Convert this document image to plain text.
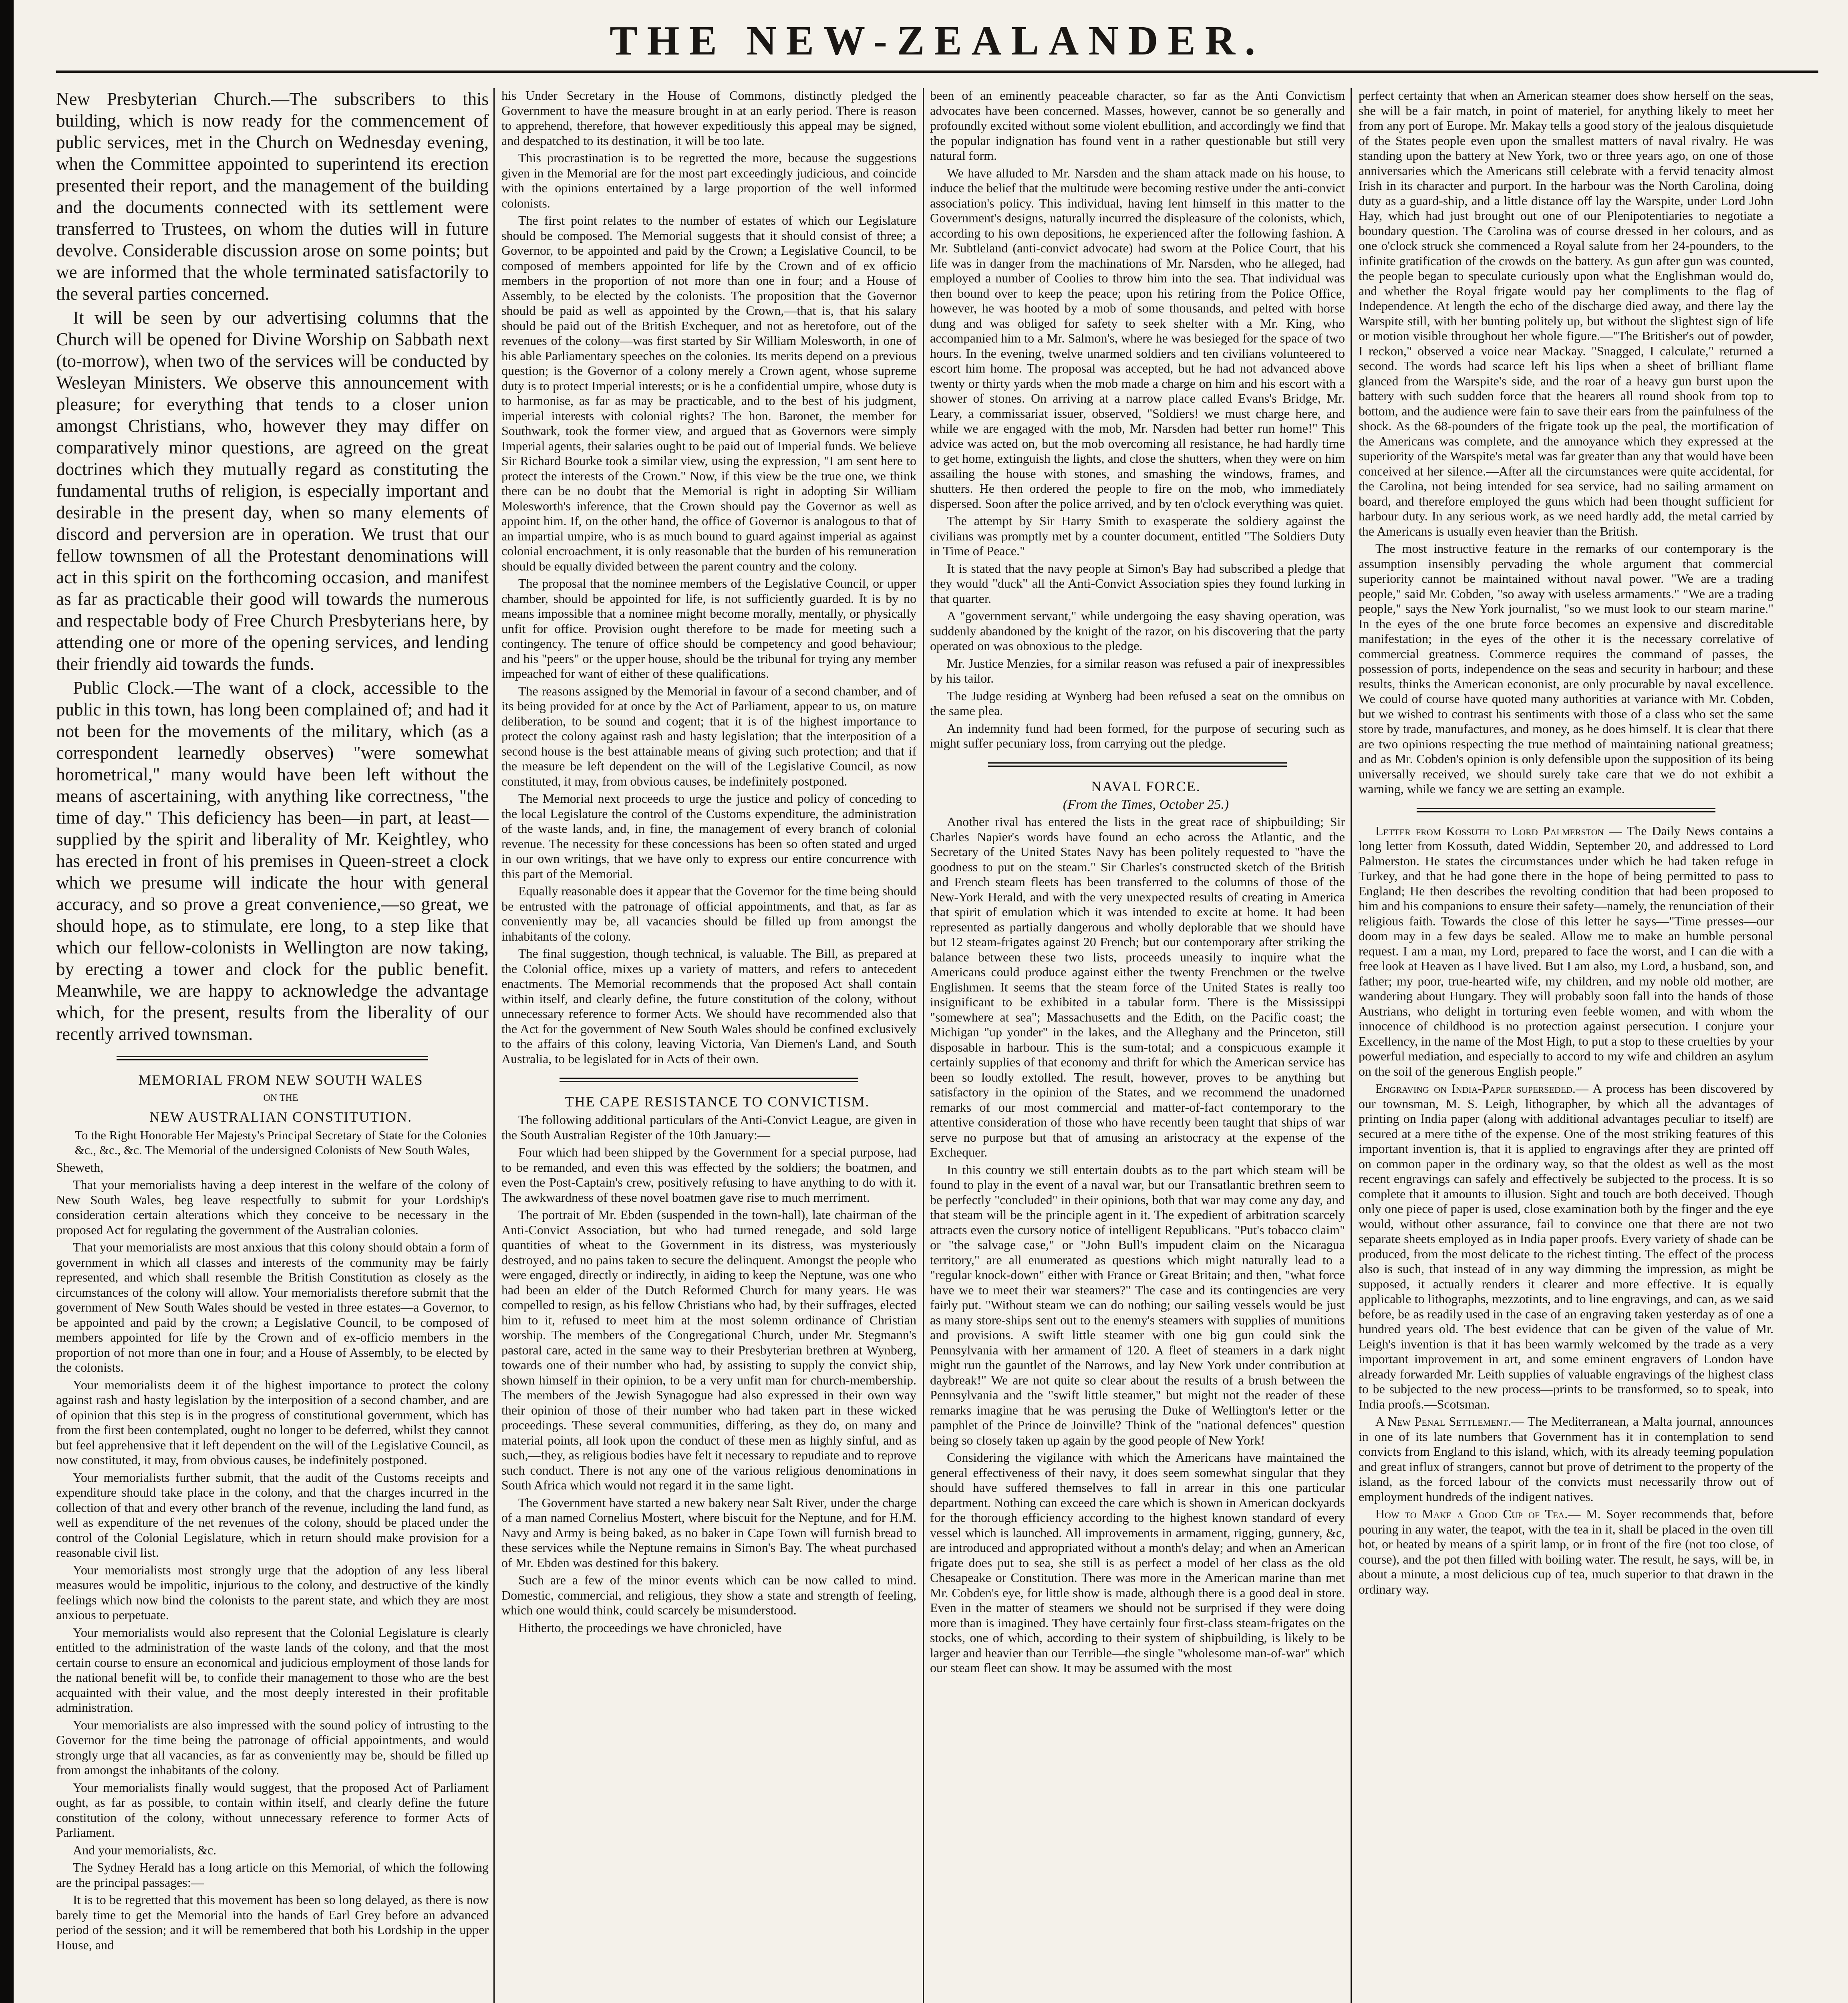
THE NEW-ZEALANDER.

New Presbyterian Church.—The subscribers to this building, which is now ready for the commencement of public services, met in the Church on Wednesday evening, when the Committee appointed to superintend its erection presented their report, and the management of the building and the documents connected with its settlement were transferred to Trustees, on whom the duties will in future devolve. Considerable discussion arose on some points; but we are informed that the whole terminated satisfactorily to the several parties concerned.

It will be seen by our advertising columns that the Church will be opened for Divine Worship on Sabbath next (to-morrow), when two of the services will be conducted by Wesleyan Ministers. We observe this announcement with pleasure; for everything that tends to a closer union amongst Christians, who, however they may differ on comparatively minor questions, are agreed on the great doctrines which they mutually regard as constituting the fundamental truths of religion, is especially important and desirable in the present day, when so many elements of discord and perversion are in operation. We trust that our fellow townsmen of all the Protestant denominations will act in this spirit on the forthcoming occasion, and manifest as far as practicable their good will towards the numerous and respectable body of Free Church Presbyterians here, by attending one or more of the opening services, and lending their friendly aid towards the funds.

Public Clock.—The want of a clock, accessible to the public in this town, has long been complained of; and had it not been for the movements of the military, which (as a correspondent learnedly observes) "were somewhat horometrical," many would have been left without the means of ascertaining, with anything like correctness, "the time of day." This deficiency has been—in part, at least—supplied by the spirit and liberality of Mr. Keightley, who has erected in front of his premises in Queen-street a clock which we presume will indicate the hour with general accuracy, and so prove a great convenience,—so great, we should hope, as to stimulate, ere long, to a step like that which our fellow-colonists in Wellington are now taking, by erecting a tower and clock for the public benefit. Meanwhile, we are happy to acknowledge the advantage which, for the present, results from the liberality of our recently arrived townsman.

MEMORIAL FROM NEW SOUTH WALES

ON THE

NEW AUSTRALIAN CONSTITUTION.

To the Right Honorable Her Majesty's Principal Secretary of State for the Colonies &c., &c., &c. The Memorial of the undersigned Colonists of New South Wales,

Sheweth,

That your memorialists having a deep interest in the welfare of the colony of New South Wales, beg leave respectfully to submit for your Lordship's consideration certain alterations which they conceive to be necessary in the proposed Act for regulating the government of the Australian colonies.

That your memorialists are most anxious that this colony should obtain a form of government in which all classes and interests of the community may be fairly represented, and which shall resemble the British Constitution as closely as the circumstances of the colony will allow. Your memorialists therefore submit that the government of New South Wales should be vested in three estates—a Governor, to be appointed and paid by the crown; a Legislative Council, to be composed of members appointed for life by the Crown and of ex-officio members in the proportion of not more than one in four; and a House of Assembly, to be elected by the colonists.

Your memorialists deem it of the highest importance to protect the colony against rash and hasty legislation by the interposition of a second chamber, and are of opinion that this step is in the progress of constitutional government, which has from the first been contemplated, ought no longer to be deferred, whilst they cannot but feel apprehensive that it left dependent on the will of the Legislative Council, as now constituted, it may, from obvious causes, be indefinitely postponed.

Your memorialists further submit, that the audit of the Customs receipts and expenditure should take place in the colony, and that the charges incurred in the collection of that and every other branch of the revenue, including the land fund, as well as expenditure of the net revenues of the colony, should be placed under the control of the Colonial Legislature, which in return should make provision for a reasonable civil list.

Your memorialists most strongly urge that the adoption of any less liberal measures would be impolitic, injurious to the colony, and destructive of the kindly feelings which now bind the colonists to the parent state, and which they are most anxious to perpetuate.

Your memorialists would also represent that the Colonial Legislature is clearly entitled to the administration of the waste lands of the colony, and that the most certain course to ensure an economical and judicious employment of those lands for the national benefit will be, to confide their management to those who are the best acquainted with their value, and the most deeply interested in their profitable administration.

Your memorialists are also impressed with the sound policy of intrusting to the Governor for the time being the patronage of official appointments, and would strongly urge that all vacancies, as far as conveniently may be, should be filled up from amongst the inhabitants of the colony.

Your memorialists finally would suggest, that the proposed Act of Parliament ought, as far as possible, to contain within itself, and clearly define the future constitution of the colony, without unnecessary reference to former Acts of Parliament.

And your memorialists, &c.

The Sydney Herald has a long article on this Memorial, of which the following are the principal passages:—

It is to be regretted that this movement has been so long delayed, as there is now barely time to get the Memorial into the hands of Earl Grey before an advanced period of the session; and it will be remembered that both his Lordship in the upper House, and

his Under Secretary in the House of Commons, distinctly pledged the Government to have the measure brought in at an early period. There is reason to apprehend, therefore, that however expeditiously this appeal may be signed, and despatched to its destination, it will be too late.

This procrastination is to be regretted the more, because the suggestions given in the Memorial are for the most part exceedingly judicious, and coincide with the opinions entertained by a large proportion of the well informed colonists.

The first point relates to the number of estates of which our Legislature should be composed. The Memorial suggests that it should consist of three; a Governor, to be appointed and paid by the Crown; a Legislative Council, to be composed of members appointed for life by the Crown and of ex officio members in the proportion of not more than one in four; and a House of Assembly, to be elected by the colonists. The proposition that the Governor should be paid as well as appointed by the Crown,—that is, that his salary should be paid out of the British Exchequer, and not as heretofore, out of the revenues of the colony—was first started by Sir William Molesworth, in one of his able Parliamentary speeches on the colonies. Its merits depend on a previous question; is the Governor of a colony merely a Crown agent, whose supreme duty is to protect Imperial interests; or is he a confidential umpire, whose duty is to harmonise, as far as may be practicable, and to the best of his judgment, imperial interests with colonial rights? The hon. Baronet, the member for Southwark, took the former view, and argued that as Governors were simply Imperial agents, their salaries ought to be paid out of Imperial funds. We believe Sir Richard Bourke took a similar view, using the expression, "I am sent here to protect the interests of the Crown." Now, if this view be the true one, we think there can be no doubt that the Memorial is right in adopting Sir William Molesworth's inference, that the Crown should pay the Governor as well as appoint him. If, on the other hand, the office of Governor is analogous to that of an impartial umpire, who is as much bound to guard against imperial as against colonial encroachment, it is only reasonable that the burden of his remuneration should be equally divided between the parent country and the colony.

The proposal that the nominee members of the Legislative Council, or upper chamber, should be appointed for life, is not sufficiently guarded. It is by no means impossible that a nominee might become morally, mentally, or physically unfit for office. Provision ought therefore to be made for meeting such a contingency. The tenure of office should be competency and good behaviour; and his "peers" or the upper house, should be the tribunal for trying any member impeached for want of either of these qualifications.

The reasons assigned by the Memorial in favour of a second chamber, and of its being provided for at once by the Act of Parliament, appear to us, on mature deliberation, to be sound and cogent; that it is of the highest importance to protect the colony against rash and hasty legislation; that the interposition of a second house is the best attainable means of giving such protection; and that if the measure be left dependent on the will of the Legislative Council, as now constituted, it may, from obvious causes, be indefinitely postponed.

The Memorial next proceeds to urge the justice and policy of conceding to the local Legislature the control of the Customs expenditure, the administration of the waste lands, and, in fine, the management of every branch of colonial revenue. The necessity for these concessions has been so often stated and urged in our own writings, that we have only to express our entire concurrence with this part of the Memorial.

Equally reasonable does it appear that the Governor for the time being should be entrusted with the patronage of official appointments, and that, as far as conveniently may be, all vacancies should be filled up from amongst the inhabitants of the colony.

The final suggestion, though technical, is valuable. The Bill, as prepared at the Colonial office, mixes up a variety of matters, and refers to antecedent enactments. The Memorial recommends that the proposed Act shall contain within itself, and clearly define, the future constitution of the colony, without unnecessary reference to former Acts. We should have recommended also that the Act for the government of New South Wales should be confined exclusively to the affairs of this colony, leaving Victoria, Van Diemen's Land, and South Australia, to be legislated for in Acts of their own.

THE CAPE RESISTANCE TO CONVICTISM.

The following additional particulars of the Anti-Convict League, are given in the South Australian Register of the 10th January:—

Four which had been shipped by the Government for a special purpose, had to be remanded, and even this was effected by the soldiers; the boatmen, and even the Post-Captain's crew, positively refusing to have anything to do with it. The awkwardness of these novel boatmen gave rise to much merriment.

The portrait of Mr. Ebden (suspended in the town-hall), late chairman of the Anti-Convict Association, but who had turned renegade, and sold large quantities of wheat to the Government in its distress, was mysteriously destroyed, and no pains taken to secure the delinquent. Amongst the people who were engaged, directly or indirectly, in aiding to keep the Neptune, was one who had been an elder of the Dutch Reformed Church for many years. He was compelled to resign, as his fellow Christians who had, by their suffrages, elected him to it, refused to meet him at the most solemn ordinance of Christian worship. The members of the Congregational Church, under Mr. Stegmann's pastoral care, acted in the same way to their Presbyterian brethren at Wynberg, towards one of their number who had, by assisting to supply the convict ship, shown himself in their opinion, to be a very unfit man for church-membership. The members of the Jewish Synagogue had also expressed in their own way their opinion of those of their number who had taken part in these wicked proceedings. These several communities, differing, as they do, on many and material points, all look upon the conduct of these men as highly sinful, and as such,—they, as religious bodies have felt it necessary to repudiate and to reprove such conduct. There is not any one of the various religious denominations in South Africa which would not regard it in the same light.

The Government have started a new bakery near Salt River, under the charge of a man named Cornelius Mostert, where biscuit for the Neptune, and for H.M. Navy and Army is being baked, as no baker in Cape Town will furnish bread to these services while the Neptune remains in Simon's Bay. The wheat purchased of Mr. Ebden was destined for this bakery.

Such are a few of the minor events which can be now called to mind. Domestic, commercial, and religious, they show a state and strength of feeling, which one would think, could scarcely be misunderstood.

Hitherto, the proceedings we have chronicled, have

been of an eminently peaceable character, so far as the Anti Convictism advocates have been concerned. Masses, however, cannot be so generally and profoundly excited without some violent ebullition, and accordingly we find that the popular indignation has found vent in a rather questionable but still very natural form.

We have alluded to Mr. Narsden and the sham attack made on his house, to induce the belief that the multitude were becoming restive under the anti-convict association's policy. This individual, having lent himself in this matter to the Government's designs, naturally incurred the displeasure of the colonists, which, according to his own depositions, he experienced after the following fashion. A Mr. Subtleland (anti-convict advocate) had sworn at the Police Court, that his life was in danger from the machinations of Mr. Narsden, who he alleged, had employed a number of Coolies to throw him into the sea. That individual was then bound over to keep the peace; upon his retiring from the Police Office, however, he was hooted by a mob of some thousands, and pelted with horse dung and was obliged for safety to seek shelter with a Mr. King, who accompanied him to a Mr. Salmon's, where he was besieged for the space of two hours. In the evening, twelve unarmed soldiers and ten civilians volunteered to escort him home. The proposal was accepted, but he had not advanced above twenty or thirty yards when the mob made a charge on him and his escort with a shower of stones. On arriving at a narrow place called Evans's Bridge, Mr. Leary, a commissariat issuer, observed, "Soldiers! we must charge here, and while we are engaged with the mob, Mr. Narsden had better run home!" This advice was acted on, but the mob overcoming all resistance, he had hardly time to get home, extinguish the lights, and close the shutters, when they were on him assailing the house with stones, and smashing the windows, frames, and shutters. He then ordered the people to fire on the mob, who immediately dispersed. Soon after the police arrived, and by ten o'clock everything was quiet.

The attempt by Sir Harry Smith to exasperate the soldiery against the civilians was promptly met by a counter document, entitled "The Soldiers Duty in Time of Peace."

It is stated that the navy people at Simon's Bay had subscribed a pledge that they would "duck" all the Anti-Convict Association spies they found lurking in that quarter.

A "government servant," while undergoing the easy shaving operation, was suddenly abandoned by the knight of the razor, on his discovering that the party operated on was obnoxious to the pledge.

Mr. Justice Menzies, for a similar reason was refused a pair of inexpressibles by his tailor.

The Judge residing at Wynberg had been refused a seat on the omnibus on the same plea.

An indemnity fund had been formed, for the purpose of securing such as might suffer pecuniary loss, from carrying out the pledge.

NAVAL FORCE.

(From the Times, October 25.)

Another rival has entered the lists in the great race of shipbuilding; Sir Charles Napier's words have found an echo across the Atlantic, and the Secretary of the United States Navy has been politely requested to "have the goodness to put on the steam." Sir Charles's constructed sketch of the British and French steam fleets has been transferred to the columns of those of the New-York Herald, and with the very unexpected results of creating in America that spirit of emulation which it was intended to excite at home. It had been represented as partially dangerous and wholly deplorable that we should have but 12 steam-frigates against 20 French; but our contemporary after striking the balance between these two lists, proceeds uneasily to inquire what the Americans could produce against either the twenty Frenchmen or the twelve Englishmen. It seems that the steam force of the United States is really too insignificant to be exhibited in a tabular form. There is the Mississippi "somewhere at sea"; Massachusetts and the Edith, on the Pacific coast; the Michigan "up yonder" in the lakes, and the Alleghany and the Princeton, still disposable in harbour. This is the sum-total; and a conspicuous example it certainly supplies of that economy and thrift for which the American service has been so loudly extolled. The result, however, proves to be anything but satisfactory in the opinion of the States, and we recommend the unadorned remarks of our most commercial and matter-of-fact contemporary to the attentive consideration of those who have recently been taught that ships of war serve no purpose but that of amusing an aristocracy at the expense of the Exchequer.

In this country we still entertain doubts as to the part which steam will be found to play in the event of a naval war, but our Transatlantic brethren seem to be perfectly "concluded" in their opinions, both that war may come any day, and that steam will be the principle agent in it. The expedient of arbitration scarcely attracts even the cursory notice of intelligent Republicans. "Put's tobacco claim" or "the salvage case," or "John Bull's impudent claim on the Nicaragua territory," are all enumerated as questions which might naturally lead to a "regular knock-down" either with France or Great Britain; and then, "what force have we to meet their war steamers?" The case and its contingencies are very fairly put. "Without steam we can do nothing; our sailing vessels would be just as many store-ships sent out to the enemy's steamers with supplies of munitions and provisions. A swift little steamer with one big gun could sink the Pennsylvania with her armament of 120. A fleet of steamers in a dark night might run the gauntlet of the Narrows, and lay New York under contribution at daybreak!" We are not quite so clear about the results of a brush between the Pennsylvania and the "swift little steamer," but might not the reader of these remarks imagine that he was perusing the Duke of Wellington's letter or the pamphlet of the Prince de Joinville? Think of the "national defences" question being so closely taken up again by the good people of New York!

Considering the vigilance with which the Americans have maintained the general effectiveness of their navy, it does seem somewhat singular that they should have suffered themselves to fall in arrear in this one particular department. Nothing can exceed the care which is shown in American dockyards for the thorough efficiency according to the highest known standard of every vessel which is launched. All improvements in armament, rigging, gunnery, &c, are introduced and appropriated without a month's delay; and when an American frigate does put to sea, she still is as perfect a model of her class as the old Chesapeake or Constitution. There was more in the American marine than met Mr. Cobden's eye, for little show is made, although there is a good deal in store. Even in the matter of steamers we should not be surprised if they were doing more than is imagined. They have certainly four first-class steam-frigates on the stocks, one of which, according to their system of shipbuilding, is likely to be larger and heavier than our Terrible—the single "wholesome man-of-war" which our steam fleet can show. It may be assumed with the most

perfect certainty that when an American steamer does show herself on the seas, she will be a fair match, in point of materiel, for anything likely to meet her from any port of Europe. Mr. Makay tells a good story of the jealous disquietude of the States people even upon the smallest matters of naval rivalry. He was standing upon the battery at New York, two or three years ago, on one of those anniversaries which the Americans still celebrate with a fervid tenacity almost Irish in its character and purport. In the harbour was the North Carolina, doing duty as a guard-ship, and a little distance off lay the Warspite, under Lord John Hay, which had just brought out one of our Plenipotentiaries to negotiate a boundary question. The Carolina was of course dressed in her colours, and as one o'clock struck she commenced a Royal salute from her 24-pounders, to the infinite gratification of the crowds on the battery. As gun after gun was counted, the people began to speculate curiously upon what the Englishman would do, and whether the Royal frigate would pay her compliments to the flag of Independence. At length the echo of the discharge died away, and there lay the Warspite still, with her bunting politely up, but without the slightest sign of life or motion visible throughout her whole figure.—"The Britisher's out of powder, I reckon," observed a voice near Mackay. "Snagged, I calculate," returned a second. The words had scarce left his lips when a sheet of brilliant flame glanced from the Warspite's side, and the roar of a heavy gun burst upon the battery with such sudden force that the hearers all round shook from top to bottom, and the audience were fain to save their ears from the painfulness of the shock. As the 68-pounders of the frigate took up the peal, the mortification of the Americans was complete, and the annoyance which they expressed at the superiority of the Warspite's metal was far greater than any that would have been conceived at her silence.—After all the circumstances were quite accidental, for the Carolina, not being intended for sea service, had no sailing armament on board, and therefore employed the guns which had been thought sufficient for harbour duty. In any serious work, as we need hardly add, the metal carried by the Americans is usually even heavier than the British.

The most instructive feature in the remarks of our contemporary is the assumption insensibly pervading the whole argument that commercial superiority cannot be maintained without naval power. "We are a trading people," said Mr. Cobden, "so away with useless armaments." "We are a trading people," says the New York journalist, "so we must look to our steam marine." In the eyes of the one brute force becomes an expensive and discreditable manifestation; in the eyes of the other it is the necessary correlative of commercial greatness. Commerce requires the command of passes, the possession of ports, independence on the seas and security in harbour; and these results, thinks the American econonist, are only procurable by naval excellence. We could of course have quoted many authorities at variance with Mr. Cobden, but we wished to contrast his sentiments with those of a class who set the same store by trade, manufactures, and money, as he does himself. It is clear that there are two opinions respecting the true method of maintaining national greatness; and as Mr. Cobden's opinion is only defensible upon the supposition of its being universally received, we should surely take care that we do not exhibit a warning, while we fancy we are setting an example.

Letter from Kossuth to Lord Palmerston — The Daily News contains a long letter from Kossuth, dated Widdin, September 20, and addressed to Lord Palmerston. He states the circumstances under which he had taken refuge in Turkey, and that he had gone there in the hope of being permitted to pass to England; He then describes the revolting condition that had been proposed to him and his companions to ensure their safety—namely, the renunciation of their religious faith. Towards the close of this letter he says—"Time presses—our doom may in a few days be sealed. Allow me to make an humble personal request. I am a man, my Lord, prepared to face the worst, and I can die with a free look at Heaven as I have lived. But I am also, my Lord, a husband, son, and father; my poor, true-hearted wife, my children, and my noble old mother, are wandering about Hungary. They will probably soon fall into the hands of those Austrians, who delight in torturing even feeble women, and with whom the innocence of childhood is no protection against persecution. I conjure your Excellency, in the name of the Most High, to put a stop to these cruelties by your powerful mediation, and especially to accord to my wife and children an asylum on the soil of the generous English people."

Engraving on India-Paper superseded.— A process has been discovered by our townsman, M. S. Leigh, lithographer, by which all the advantages of printing on India paper (along with additional advantages peculiar to itself) are secured at a mere tithe of the expense. One of the most striking features of this important invention is, that it is applied to engravings after they are printed off on common paper in the ordinary way, so that the oldest as well as the most recent engravings can safely and effectively be subjected to the process. It is so complete that it amounts to illusion. Sight and touch are both deceived. Though only one piece of paper is used, close examination both by the finger and the eye would, without other assurance, fail to convince one that there are not two separate sheets employed as in India paper proofs. Every variety of shade can be produced, from the most delicate to the richest tinting. The effect of the process also is such, that instead of in any way dimming the impression, as might be supposed, it actually renders it clearer and more effective. It is equally applicable to lithographs, mezzotints, and to line engravings, and can, as we said before, be as readily used in the case of an engraving taken yesterday as of one a hundred years old. The best evidence that can be given of the value of Mr. Leigh's invention is that it has been warmly welcomed by the trade as a very important improvement in art, and some eminent engravers of London have already forwarded Mr. Leith supplies of valuable engravings of the highest class to be subjected to the new process—prints to be transformed, so to speak, into India proofs.—Scotsman.

A New Penal Settlement.— The Mediterranean, a Malta journal, announces in one of its late numbers that Government has it in contemplation to send convicts from England to this island, which, with its already teeming population and great influx of strangers, cannot but prove of detriment to the property of the island, as the forced labour of the convicts must necessarily throw out of employment hundreds of the indigent natives.

How to Make a Good Cup of Tea.— M. Soyer recommends that, before pouring in any water, the teapot, with the tea in it, shall be placed in the oven till hot, or heated by means of a spirit lamp, or in front of the fire (not too close, of course), and the pot then filled with boiling water. The result, he says, will be, in about a minute, a most delicious cup of tea, much superior to that drawn in the ordinary way.
